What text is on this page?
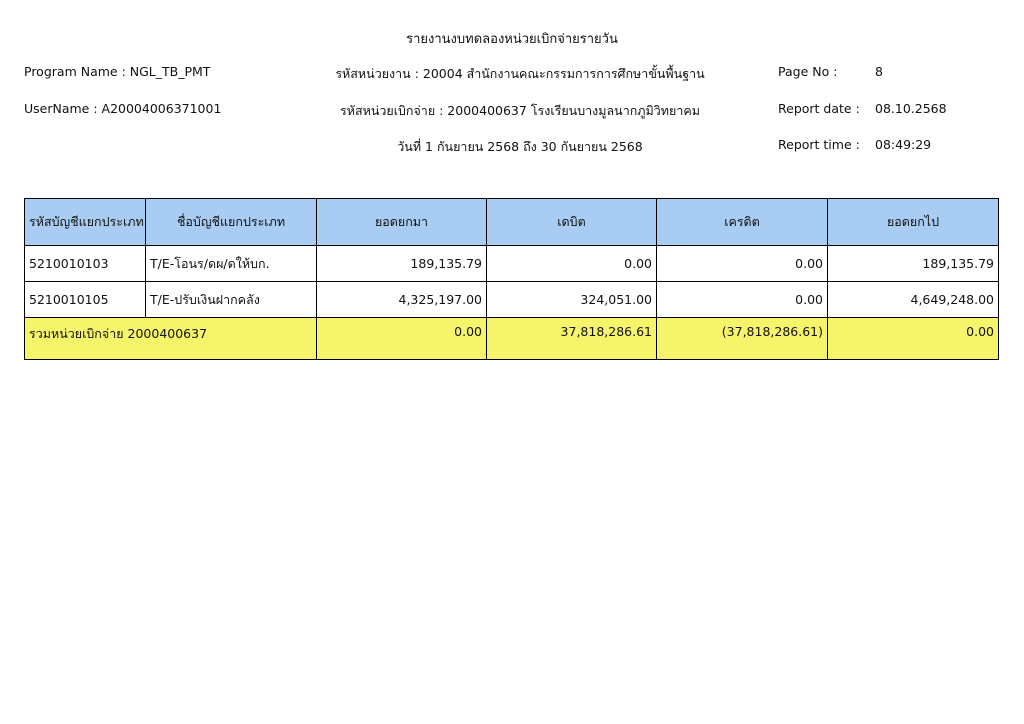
รายงานงบทดลองหน่วยเบิกจ่ายรายวัน
Program Name : NGL_TB_PMT	รหัสหน่วยงาน : 20004 สำนักงานคณะกรรมการการศึกษาขั้นพื้นฐาน	Page No :	8
UserName : A20004006371001	รหัสหน่วยเบิกจ่าย : 2000400637 โรงเรียนบางมูลนากภูมิวิทยาคม	Report date : 08.10.2568
วันที่ 1 กันยายน 2568 ถึง 30 กันยายน 2568	Report time : 08:49:29
รหัสบัญชีแยกประเภท	ชื่อบัญชีแยกประเภท	ยอดยกมา	เดบิต	เครดิต	ยอดยกไป
5210010103	T/E-โอนร/ดผ/ดให้บก.	189,135.79	0.00	0.00	189,135.79
5210010105	T/E-ปรับเงินฝากคลัง	4,325,197.00	324,051.00	0.00	4,649,248.00
รวมหน่วยเบิกจ่าย 2000400637		0.00	37,818,286.61	(37,818,286.61)	0.00
